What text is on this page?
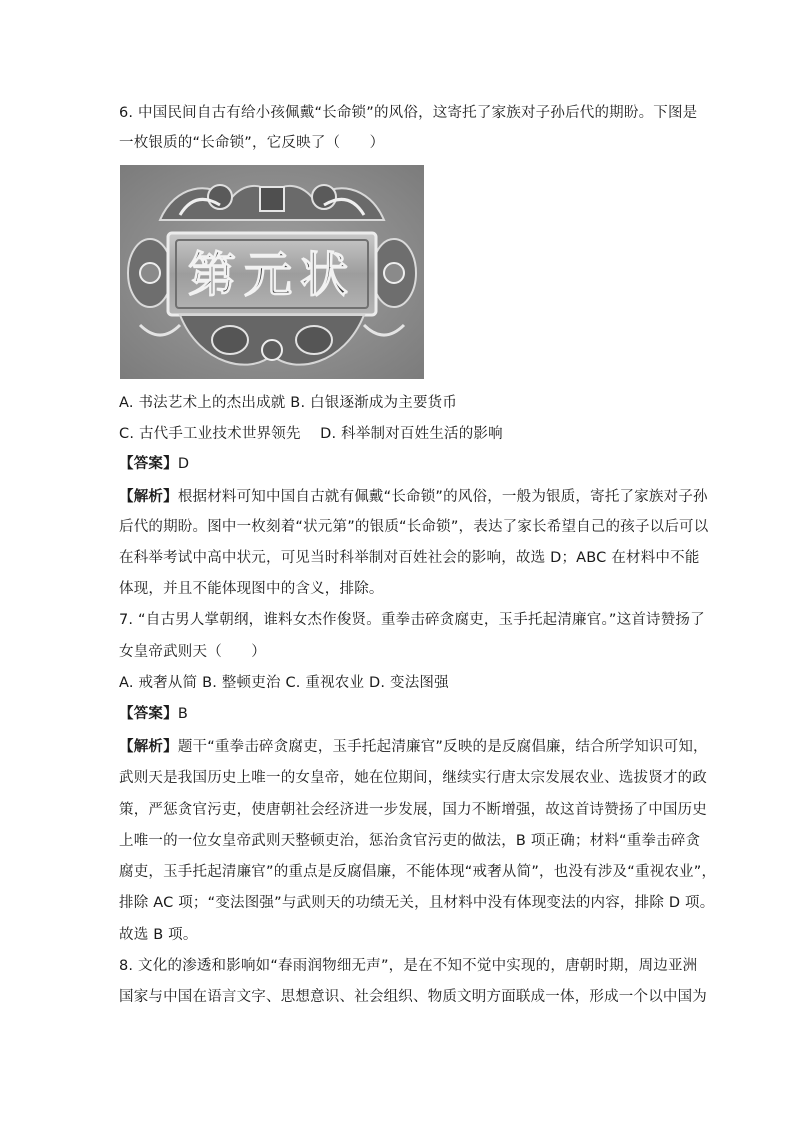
6. 中国民间自古有给小孩佩戴“长命锁”的风俗，这寄托了家族对子孙后代的期盼。下图是
一枚银质的“长命锁”，它反映了（　　）
第元状
A. 书法艺术上的杰出成就 B. 白银逐渐成为主要货币
C. 古代手工业技术世界领先　 D. 科举制对百姓生活的影响
【答案】D
【解析】根据材料可知中国自古就有佩戴“长命锁”的风俗，一般为银质，寄托了家族对子孙
后代的期盼。图中一枚刻着“状元第”的银质“长命锁”，表达了家长希望自己的孩子以后可以
在科举考试中高中状元，可见当时科举制对百姓社会的影响，故选 D；ABC 在材料中不能
体现，并且不能体现图中的含义，排除。
7. “自古男人掌朝纲，谁料女杰作俊贤。重拳击碎贪腐吏，玉手托起清廉官。”这首诗赞扬了
女皇帝武则天（　　）
A. 戒奢从简 B. 整顿吏治 C. 重视农业 D. 变法图强
【答案】B
【解析】题干“重拳击碎贪腐吏，玉手托起清廉官”反映的是反腐倡廉，结合所学知识可知，
武则天是我国历史上唯一的女皇帝，她在位期间，继续实行唐太宗发展农业、选拔贤才的政
策，严惩贪官污吏，使唐朝社会经济进一步发展，国力不断增强，故这首诗赞扬了中国历史
上唯一的一位女皇帝武则天整顿吏治，惩治贪官污吏的做法，B 项正确；材料“重拳击碎贪
腐吏，玉手托起清廉官”的重点是反腐倡廉，不能体现“戒奢从简”，也没有涉及“重视农业”，
排除 AC 项；“变法图强”与武则天的功绩无关，且材料中没有体现变法的内容，排除 D 项。
故选 B 项。
8. 文化的渗透和影响如“春雨润物细无声”，是在不知不觉中实现的，唐朝时期，周边亚洲
国家与中国在语言文字、思想意识、社会组织、物质文明方面联成一体，形成一个以中国为
